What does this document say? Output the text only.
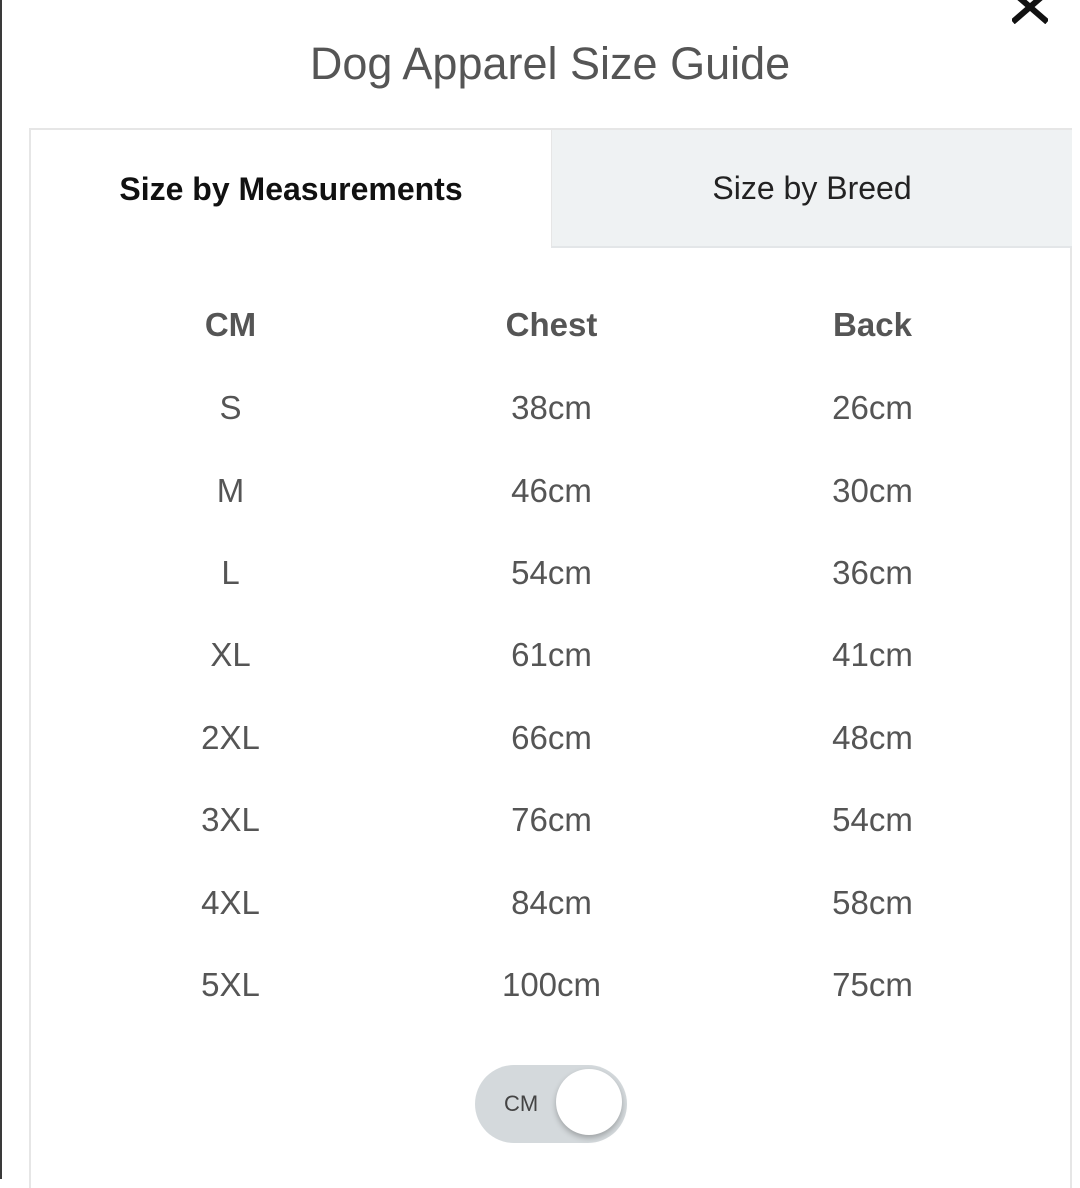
Dog Apparel Size Guide
Size by Measurements	Size by Breed
CM	Chest	Back
S	38cm	26cm
M	46cm	30cm
L	54cm	36cm
XL	61cm	41cm
2XL	66cm	48cm
3XL	76cm	54cm
4XL	84cm	58cm
5XL	100cm	75cm
CM
